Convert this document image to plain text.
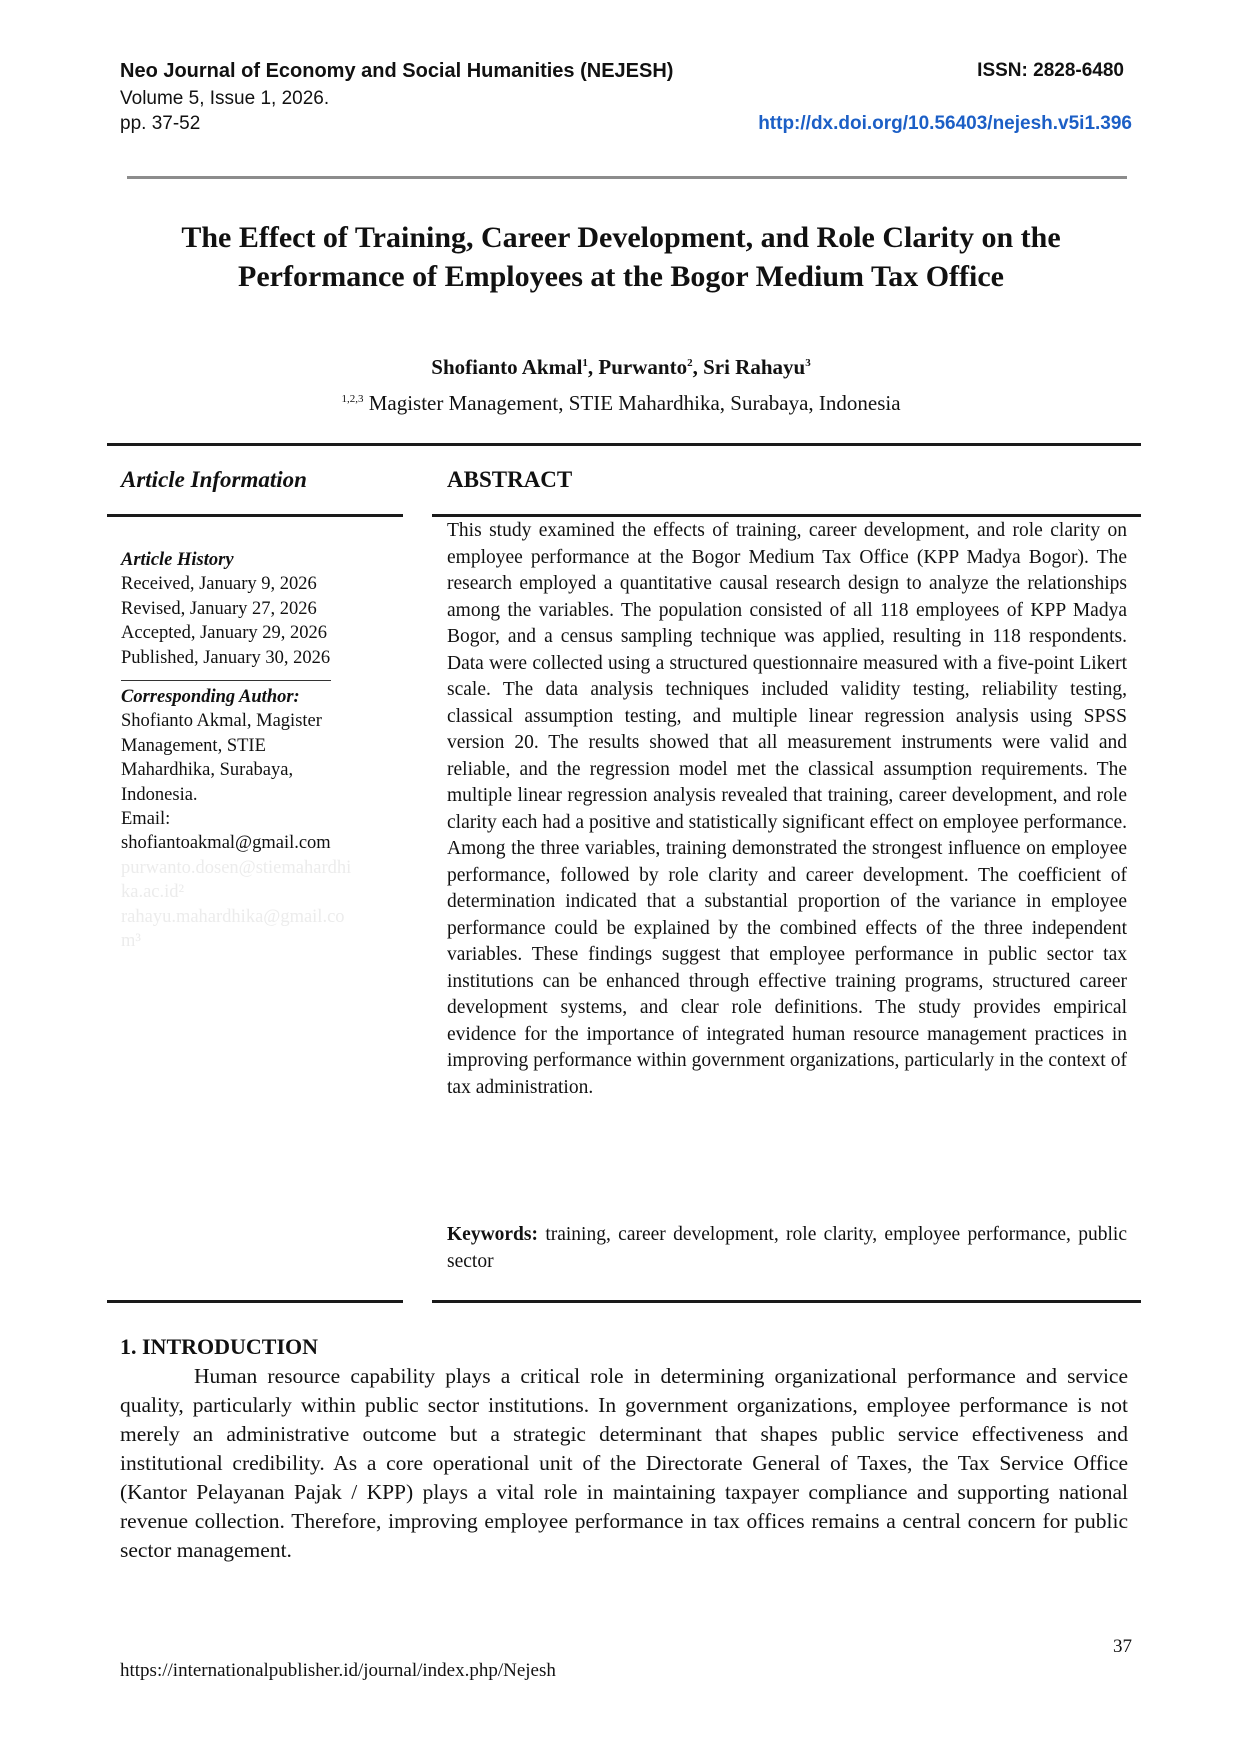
Neo Journal of Economy and Social Humanities (NEJESH)	ISSN: 2828-6480
Volume 5, Issue 1, 2026.
pp. 37-52	http://dx.doi.org/10.56403/nejesh.v5i1.396
The Effect of Training, Career Development, and Role Clarity on the
Performance of Employees at the Bogor Medium Tax Office
Shofianto Akmal$^1$, Purwanto$^2$, Sri Rahayu$^3$
$^{1,2,3}$ Magister Management, STIE Mahardhika, Surabaya, Indonesia
Article Information
Article History
Received, January 9, 2026
Revised, January 27, 2026
Accepted, January 29, 2026
Published, January 30, 2026
Corresponding Author:
Shofianto Akmal, Magister
Management, STIE
Mahardhika, Surabaya,
Indonesia.
Email:
shofiantoakmal@gmail.com
purwanto.dosen@stiemahardhi
ka.ac.id²
rahayu.mahardhika@gmail.co
m³
ABSTRACT
This study examined the effects of training, career development, and role clarity on employee performance at the Bogor Medium Tax Office (KPP Madya Bogor). The research employed a quantitative causal research design to analyze the relationships among the variables. The population consisted of all 118 employees of KPP Madya Bogor, and a census sampling technique was applied, resulting in 118 respondents. Data were collected using a structured questionnaire measured with a five-point Likert scale. The data analysis techniques included validity testing, reliability testing, classical assumption testing, and multiple linear regression analysis using SPSS version 20. The results showed that all measurement instruments were valid and reliable, and the regression model met the classical assumption requirements. The multiple linear regression analysis revealed that training, career development, and role clarity each had a positive and statistically significant effect on employee performance. Among the three variables, training demonstrated the strongest influence on employee performance, followed by role clarity and career development. The coefficient of determination indicated that a substantial proportion of the variance in employee performance could be explained by the combined effects of the three independent variables. These findings suggest that employee performance in public sector tax institutions can be enhanced through effective training programs, structured career development systems, and clear role definitions. The study provides empirical evidence for the importance of integrated human resource management practices in improving performance within government organizations, particularly in the context of tax administration.
Keywords: training, career development, role clarity, employee performance, public sector
1. INTRODUCTION
Human resource capability plays a critical role in determining organizational performance and service quality, particularly within public sector institutions. In government organizations, employee performance is not merely an administrative outcome but a strategic determinant that shapes public service effectiveness and institutional credibility. As a core operational unit of the Directorate General of Taxes, the Tax Service Office (Kantor Pelayanan Pajak / KPP) plays a vital role in maintaining taxpayer compliance and supporting national revenue collection. Therefore, improving employee performance in tax offices remains a central concern for public sector management.
37
https://internationalpublisher.id/journal/index.php/Nejesh
